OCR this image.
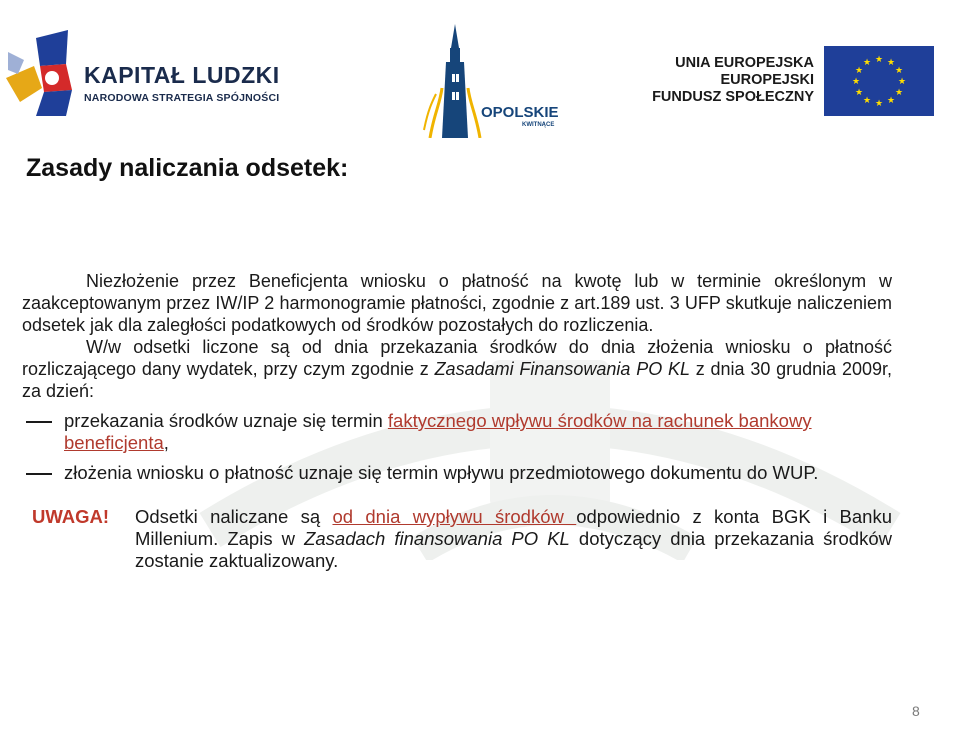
KAPITAŁ LUDZKI
NARODOWA STRATEGIA SPÓJNOŚCI
OPOLSKIE
KWITNĄCE
UNIA EUROPEJSKA
EUROPEJSKI
FUNDUSZ SPOŁECZNY
★ ★
★
★
★
★
★
★
★
★
★
★
Zasady naliczania odsetek:

Niezłożenie przez Beneficjenta wniosku o płatność na kwotę lub w terminie określonym w zaakceptowanym przez IW/IP 2 harmonogramie płatności, zgodnie z art.189 ust. 3 UFP skutkuje naliczeniem odsetek jak dla zaległości podatkowych od środków pozostałych do rozliczenia.

W/w odsetki liczone są od dnia przekazania środków do dnia złożenia wniosku o płatność rozliczającego dany wydatek, przy czym zgodnie z Zasadami Finansowania PO KL z dnia 30 grudnia 2009r, za dzień:

przekazania środków uznaje się termin faktycznego wpływu środków na rachunek bankowy beneficjenta,
złożenia wniosku o płatność uznaje się termin wpływu przedmiotowego dokumentu do WUP.
UWAGA! Odsetki naliczane są od dnia wypływu środków odpowiednio z konta BGK i Banku Millenium. Zapis w Zasadach finansowania PO KL dotyczący dnia przekazania środków zostanie zaktualizowany.
8
